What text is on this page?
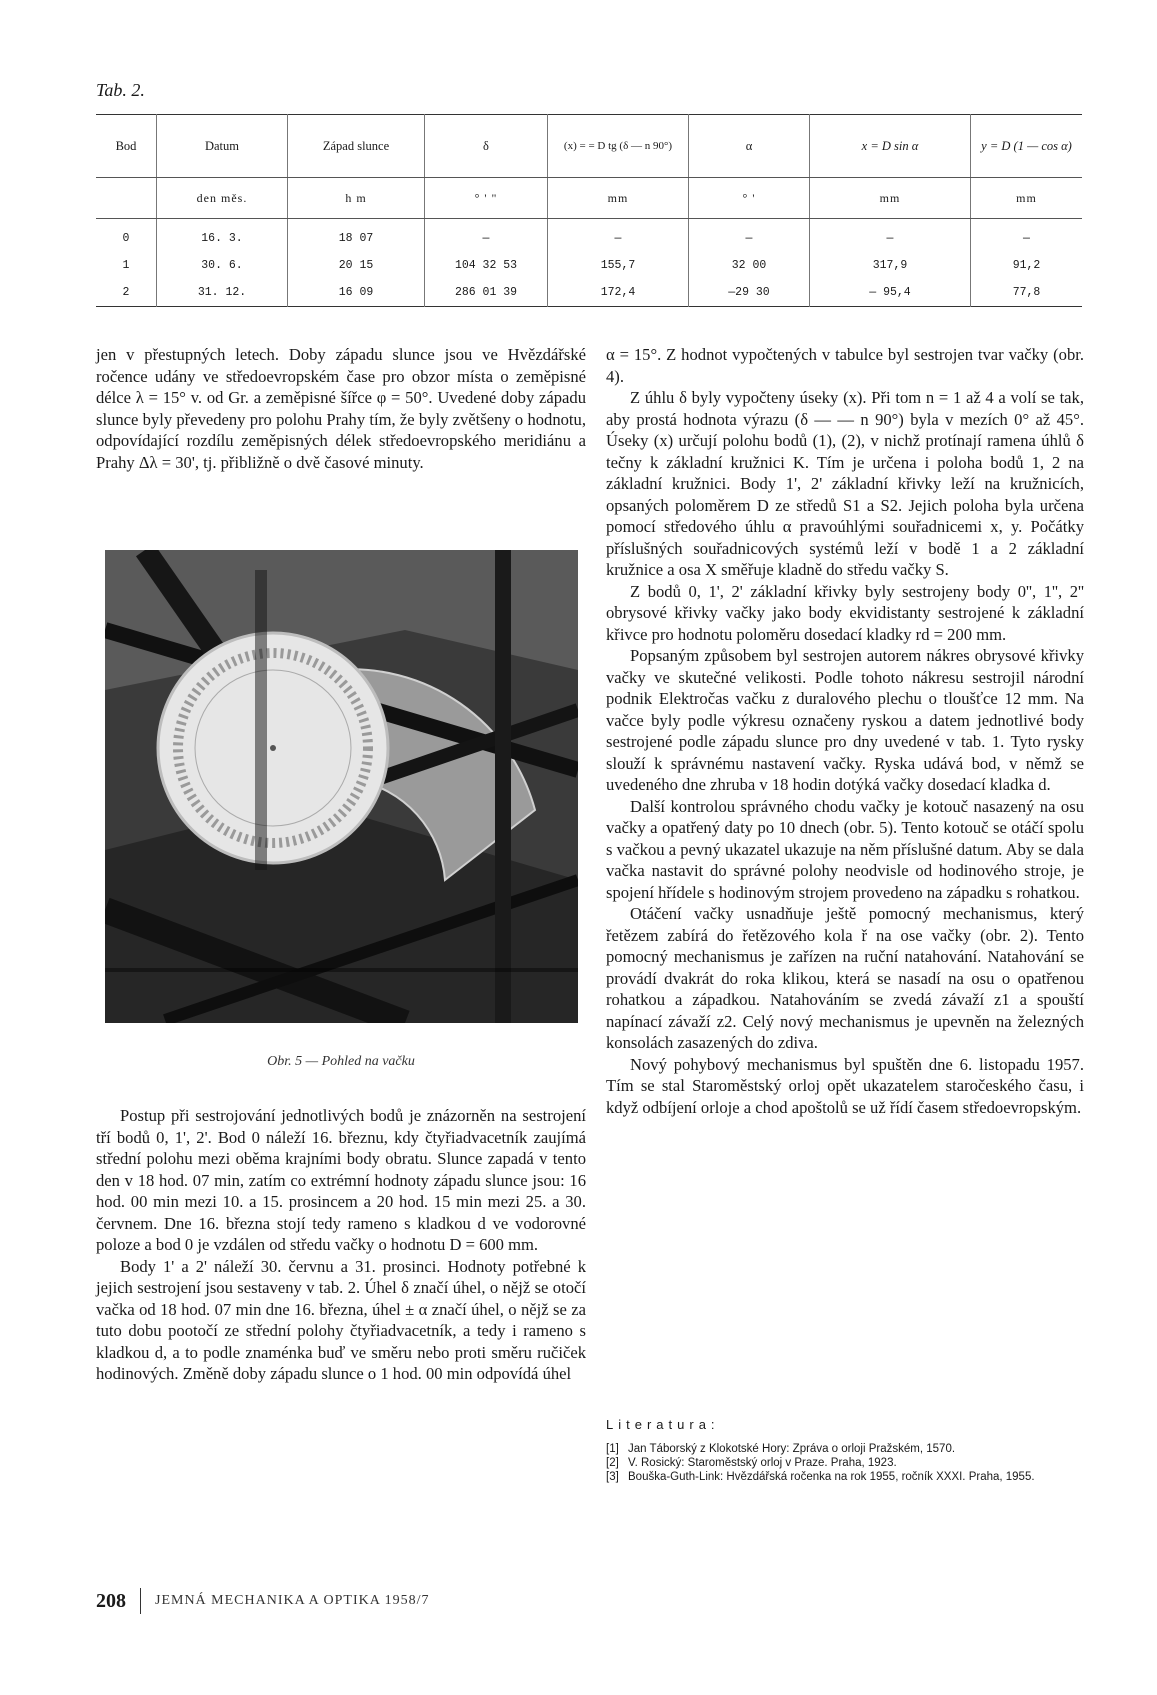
Tab. 2.
Bod	Datum	Západ slunce	δ	(x) = = D tg (δ — n 90°)	α	x = D sin α	y = D (1 — cos α)
	den měs.	h m	° ' "	mm	° '	mm	mm
0	16. 3.	18 07	—	—	—	—	—
1	30. 6.	20 15	104 32 53	155,7	32 00	317,9	91,2
2	31. 12.	16 09	286 01 39	172,4	—29 30	— 95,4	77,8

jen v přestupných letech. Doby západu slunce jsou ve Hvězdářské ročence udány ve středoevropském čase pro obzor místa o zeměpisné délce λ = 15° v. od Gr. a zeměpisné šířce φ = 50°. Uvedené doby západu slunce byly převedeny pro polohu Prahy tím, že byly zvětšeny o hodnotu, odpovídající rozdílu zeměpisných délek středoevropského meridiánu a Prahy Δλ = 30', tj. přibližně o dvě časové minuty.

Obr. 5 — Pohled na vačku

Postup při sestrojování jednotlivých bodů je znázorněn na sestrojení tří bodů 0, 1', 2'. Bod 0 náleží 16. březnu, kdy čtyřiadvacetník zaujímá střední polohu mezi oběma krajními body obratu. Slunce zapadá v tento den v 18 hod. 07 min, zatím co extrémní hodnoty západu slunce jsou: 16 hod. 00 min mezi 10. a 15. prosincem a 20 hod. 15 min mezi 25. a 30. červnem. Dne 16. března stojí tedy rameno s kladkou d ve vodorovné poloze a bod 0 je vzdálen od středu vačky o hodnotu D = 600 mm.

Body 1' a 2' náleží 30. červnu a 31. prosinci. Hodnoty potřebné k jejich sestrojení jsou sestaveny v tab. 2. Úhel δ značí úhel, o nějž se otočí vačka od 18 hod. 07 min dne 16. března, úhel ± α značí úhel, o nějž se za tuto dobu pootočí ze střední polohy čtyřiadvacetník, a tedy i rameno s kladkou d, a to podle znaménka buď ve směru nebo proti směru ručiček hodinových. Změně doby západu slunce o 1 hod. 00 min odpovídá úhel

α = 15°. Z hodnot vypočtených v tabulce byl sestrojen tvar vačky (obr. 4).

Z úhlu δ byly vypočteny úseky (x). Při tom n = 1 až 4 a volí se tak, aby prostá hodnota výrazu (δ — — n 90°) byla v mezích 0° až 45°. Úseky (x) určují polohu bodů (1), (2), v nichž protínají ramena úhlů δ tečny k základní kružnici K. Tím je určena i poloha bodů 1, 2 na základní kružnici. Body 1', 2' základní křivky leží na kružnicích, opsaných poloměrem D ze středů S1 a S2. Jejich poloha byla určena pomocí středového úhlu α pravoúhlými souřadnicemi x, y. Počátky příslušných souřadnicových systémů leží v bodě 1 a 2 základní kružnice a osa X směřuje kladně do středu vačky S.

Z bodů 0, 1', 2' základní křivky byly sestrojeny body 0'', 1'', 2'' obrysové křivky vačky jako body ekvidistanty sestrojené k základní křivce pro hodnotu poloměru dosedací kladky rd = 200 mm.

Popsaným způsobem byl sestrojen autorem nákres obrysové křivky vačky ve skutečné velikosti. Podle tohoto nákresu sestrojil národní podnik Elektročas vačku z duralového plechu o tloušťce 12 mm. Na vačce byly podle výkresu označeny ryskou a datem jednotlivé body sestrojené podle západu slunce pro dny uvedené v tab. 1. Tyto rysky slouží k správnému nastavení vačky. Ryska udává bod, v němž se uvedeného dne zhruba v 18 hodin dotýká vačky dosedací kladka d.

Další kontrolou správného chodu vačky je kotouč nasazený na osu vačky a opatřený daty po 10 dnech (obr. 5). Tento kotouč se otáčí spolu s vačkou a pevný ukazatel ukazuje na něm příslušné datum. Aby se dala vačka nastavit do správné polohy neodvisle od hodinového stroje, je spojení hřídele s hodinovým strojem provedeno na západku s rohatkou.

Otáčení vačky usnadňuje ještě pomocný mechanismus, který řetězem zabírá do řetězového kola ř na ose vačky (obr. 2). Tento pomocný mechanismus je zařízen na ruční natahování. Natahování se provádí dvakrát do roka klikou, která se nasadí na osu o opatřenou rohatkou a západkou. Natahováním se zvedá závaží z1 a spouští napínací závaží z2. Celý nový mechanismus je upevněn na železných konsolách zasazených do zdiva.

Nový pohybový mechanismus byl spuštěn dne 6. listopadu 1957. Tím se stal Staroměstský orloj opět ukazatelem staročeského času, i když odbíjení orloje a chod apoštolů se už řídí časem středoevropským.

Literatura:
[1] Jan Táborský z Klokotské Hory: Zpráva o orloji Pražském, 1570.
[2] V. Rosický: Staroměstský orloj v Praze. Praha, 1923.
[3] Bouška-Guth-Link: Hvězdářská ročenka na rok 1955, ročník XXXI. Praha, 1955.
208 JEMNÁ MECHANIKA A OPTIKA 1958/7
